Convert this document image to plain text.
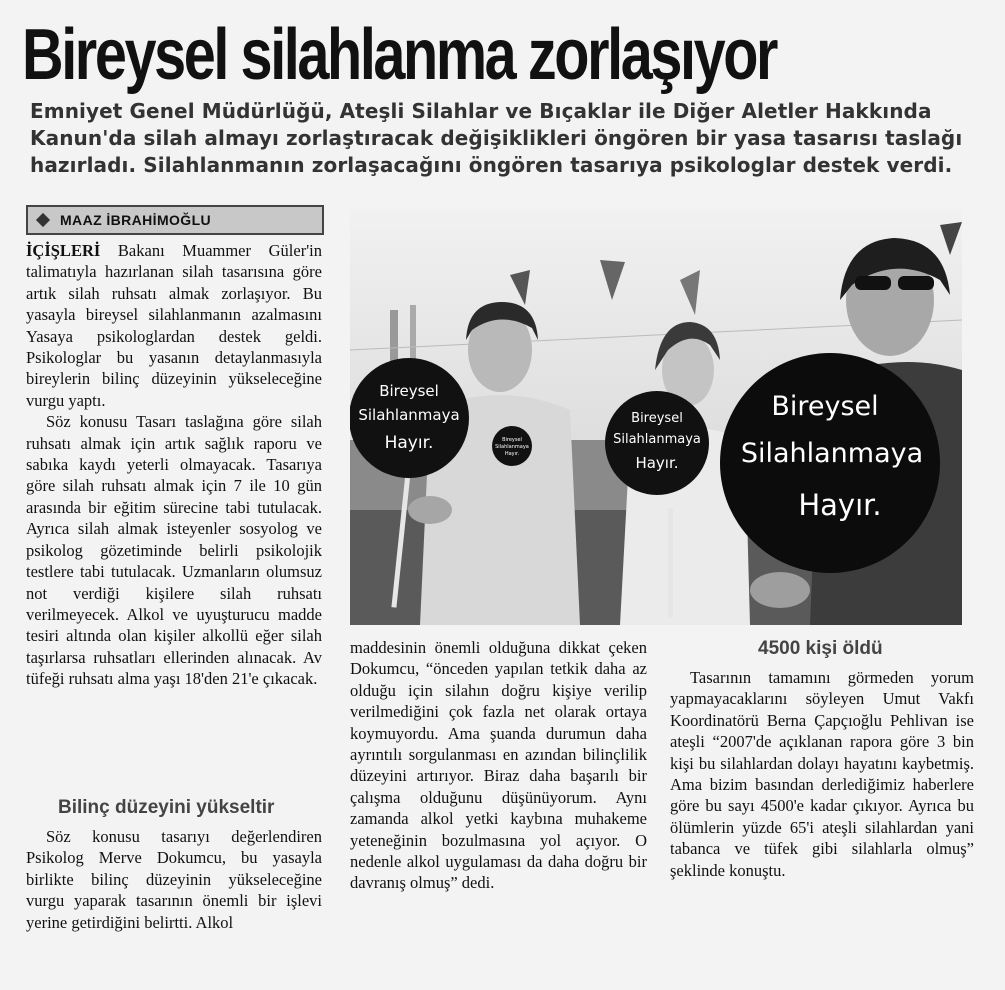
Bireysel silahlanma zorlaşıyor

Emniyet Genel Müdürlüğü, Ateşli Silahlar ve Bıçaklar ile Diğer Aletler Hakkında Kanun'da silah almayı zorlaştıracak değişiklikleri öngören bir yasa tasarısı taslağı hazırladı. Silahlanmanın zorlaşacağını öngören tasarıya psikologlar destek verdi.

MAAZ İBRAHİMOĞLU

İÇİŞLERİ Bakanı Muammer Güler'in talimatıyla hazırlanan silah tasarısına göre artık silah ruhsatı almak zorlaşıyor. Bu yasayla bireysel silahlanmanın azalmasını Yasaya psikologlardan destek geldi. Psikologlar bu yasanın detaylanmasıyla bireylerin bilinç düzeyinin yükseleceğine vurgu yaptı.

Söz konusu Tasarı taslağına göre silah ruhsatı almak için artık sağlık raporu ve sabıka kaydı yeterli olmayacak. Tasarıya göre silah ruhsatı almak için 7 ile 10 gün arasında bir eğitim sürecine tabi tutulacak. Ayrıca silah almak isteyenler sosyolog ve psikolog gözetiminde belirli psikolojik testlere tabi tutulacak. Uzmanların olumsuz not verdiği kişilere silah ruhsatı verilmeyecek. Alkol ve uyuşturucu madde tesiri altında olan kişiler alkollü eğer silah taşırlarsa ruhsatları ellerinden alınacak. Av tüfeği ruhsatı alma yaşı 18'den 21'e çıkacak.

Bilinç düzeyini yükseltir

Söz konusu tasarıyı değerlendiren Psikolog Merve Dokumcu, bu yasayla birlikte bilinç düzeyinin yükseleceğine vurgu yaparak tasarının önemli bir işlevi yerine getirdiğini belirtti. Alkol

Bireysel
Silahlanmaya
Hayır.	Bireysel
Silahlanmaya
Hayır.
Bireysel
Silahlanmaya
Hayır.
Bireysel
Silahlanmaya
Hayır.

maddesinin önemli olduğuna dikkat çeken Dokumcu, “önceden yapılan tetkik daha az olduğu için silahın doğru kişiye verilip verilmediğini çok fazla net olarak ortaya koymuyordu. Ama şuanda durumun daha ayrıntılı sorgulanması en azından bilinçlilik düzeyini artırıyor. Biraz daha başarılı bir çalışma olduğunu düşünüyorum. Aynı zamanda alkol yetki kaybına muhakeme yeteneğinin bozulmasına yol açıyor. O nedenle alkol uygulaması da daha doğru bir davranış olmuş” dedi.

4500 kişi öldü

Tasarının tamamını görmeden yorum yapmayacaklarını söyleyen Umut Vakfı Koordinatörü Berna Çapçıoğlu Pehlivan ise ateşli “2007'de açıklanan rapora göre 3 bin kişi bu silahlardan dolayı hayatını kaybetmiş. Ama bizim basından derlediğimiz haberlere göre bu sayı 4500'e kadar çıkıyor. Ayrıca bu ölümlerin yüzde 65'i ateşli silahlardan yani tabanca ve tüfek gibi silahlarla olmuş” şeklinde konuştu.
